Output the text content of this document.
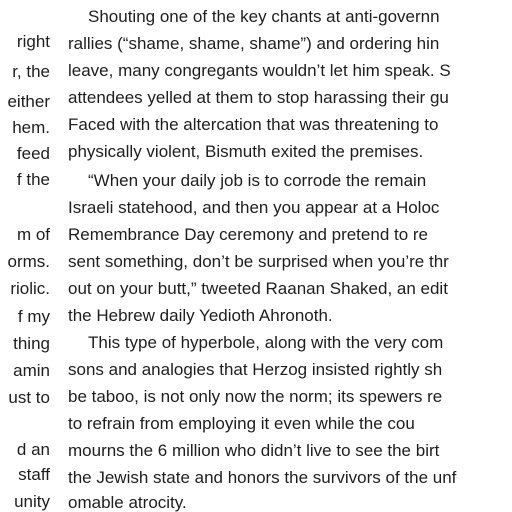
right
r, the
either
hem.
feed
f the
m of
orms.
riolic.
f my
thing
amin
ust to
d an
staff
unity
Shouting one of the key chants at anti-governn
rallies (“shame, shame, shame”) and ordering hin
leave, many congregants wouldn’t let him speak. S
attendees yelled at them to stop harassing their gu
Faced with the altercation that was threatening to
physically violent, Bismuth exited the premises.
“When your daily job is to corrode the remain
Israeli statehood, and then you appear at a Holoc
Remembrance Day ceremony and pretend to re
sent something, don’t be surprised when you’re thr
out on your butt,” tweeted Raanan Shaked, an edit
the Hebrew daily Yedioth Ahronoth.
This type of hyperbole, along with the very com
sons and analogies that Herzog insisted rightly sh
be taboo, is not only now the norm; its spewers re
to refrain from employing it even while the cou
mourns the 6 million who didn’t live to see the birt
the Jewish state and honors the survivors of the unf
omable atrocity.
